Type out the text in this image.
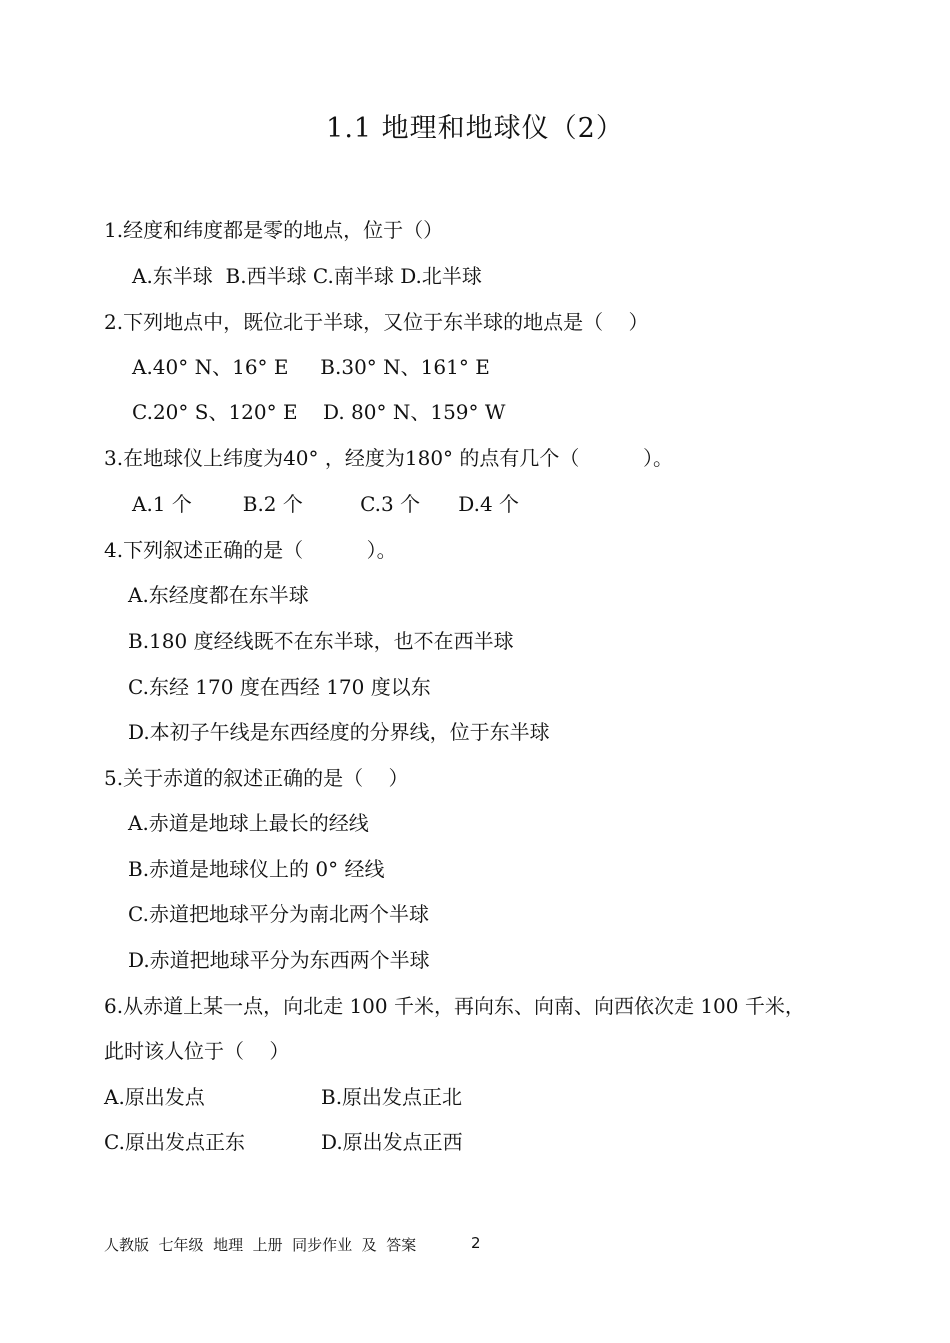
1.1 地理和地球仪（2）
1.经度和纬度都是零的地点，位于（）
A.东半球  B.西半球 C.南半球 D.北半球
2.下列地点中，既位北于半球，又位于东半球的地点是（    ）
A.40° N、16° E     B.30° N、161° E
C.20° S、120° E    D. 80° N、159° W
3.在地球仪上纬度为40° ，经度为180° 的点有几个（          ）。
A.1 个        B.2 个         C.3 个      D.4 个
4.下列叙述正确的是（          ）。
A.东经度都在东半球
B.180 度经线既不在东半球，也不在西半球
C.东经 170 度在西经 170 度以东
D.本初子午线是东西经度的分界线，位于东半球
5.关于赤道的叙述正确的是（    ）
A.赤道是地球上最长的经线
B.赤道是地球仪上的 0° 经线
C.赤道把地球平分为南北两个半球
D.赤道把地球平分为东西两个半球
6.从赤道上某一点，向北走 100 千米，再向东、向南、向西依次走 100 千米，
此时该人位于（    ）
A.原出发点	B.原出发点正北
C.原出发点正东	D.原出发点正西
人教版  七年级  地理  上册  同步作业  及  答案	2
